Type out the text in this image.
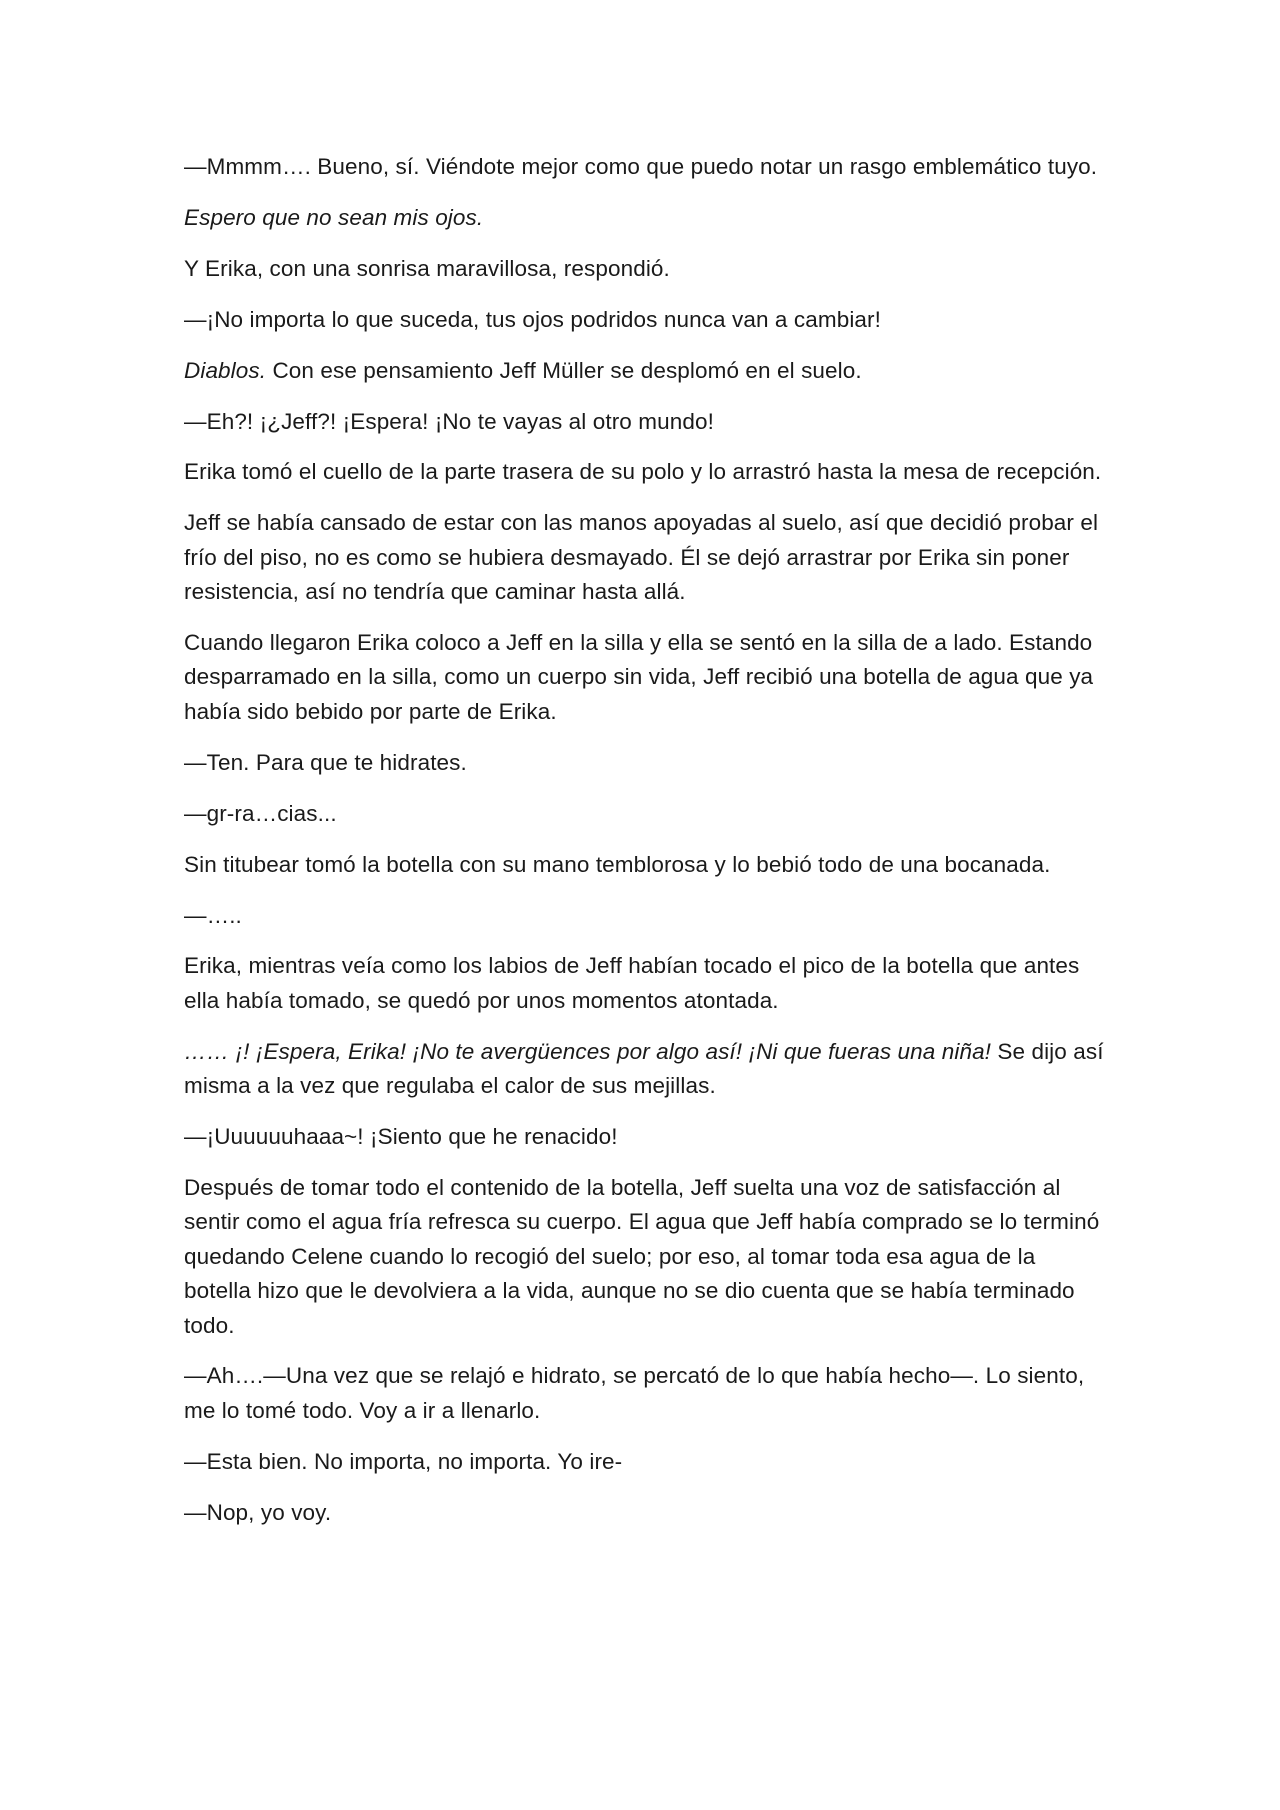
—Mmmm…. Bueno, sí. Viéndote mejor como que puedo notar un rasgo emblemático tuyo.

Espero que no sean mis ojos.

Y Erika, con una sonrisa maravillosa, respondió.

—¡No importa lo que suceda, tus ojos podridos nunca van a cambiar!

Diablos. Con ese pensamiento Jeff Müller se desplomó en el suelo.

—Eh?! ¡¿Jeff?! ¡Espera! ¡No te vayas al otro mundo!

Erika tomó el cuello de la parte trasera de su polo y lo arrastró hasta la mesa de recepción.

Jeff se había cansado de estar con las manos apoyadas al suelo, así que decidió probar el frío del piso, no es como se hubiera desmayado. Él se dejó arrastrar por Erika sin poner resistencia, así no tendría que caminar hasta allá.

Cuando llegaron Erika coloco a Jeff en la silla y ella se sentó en la silla de a lado. Estando desparramado en la silla, como un cuerpo sin vida, Jeff recibió una botella de agua que ya había sido bebido por parte de Erika.

—Ten. Para que te hidrates.

—gr-ra…cias...

Sin titubear tomó la botella con su mano temblorosa y lo bebió todo de una bocanada.

—…..

Erika, mientras veía como los labios de Jeff habían tocado el pico de la botella que antes ella había tomado, se quedó por unos momentos atontada.

…… ¡! ¡Espera, Erika! ¡No te avergüences por algo así! ¡Ni que fueras una niña! Se dijo así misma a la vez que regulaba el calor de sus mejillas.

—¡Uuuuuuhaaa~! ¡Siento que he renacido!

Después de tomar todo el contenido de la botella, Jeff suelta una voz de satisfacción al sentir como el agua fría refresca su cuerpo. El agua que Jeff había comprado se lo terminó quedando Celene cuando lo recogió del suelo; por eso, al tomar toda esa agua de la botella hizo que le devolviera a la vida, aunque no se dio cuenta que se había terminado todo.

—Ah….—Una vez que se relajó e hidrato, se percató de lo que había hecho—. Lo siento, me lo tomé todo. Voy a ir a llenarlo.

—Esta bien. No importa, no importa. Yo ire-

—Nop, yo voy.
